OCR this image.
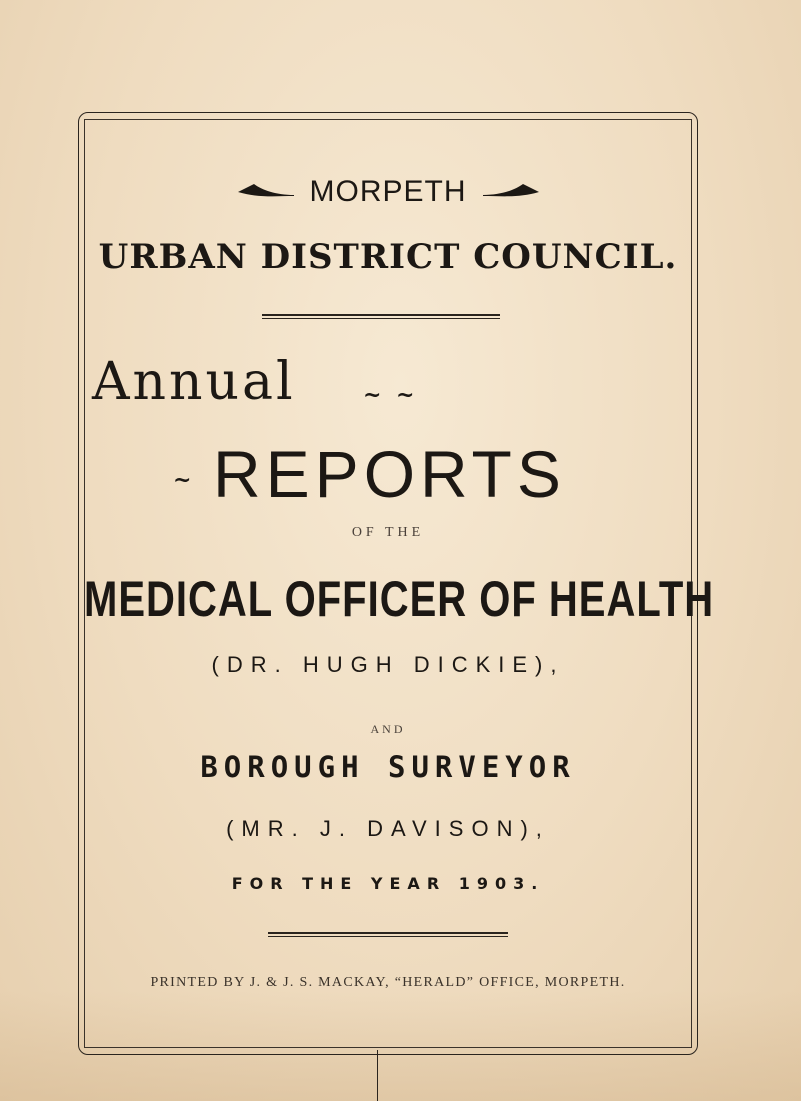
MORPETH
URBAN DISTRICT COUNCIL.
Annual	~ ~
~ REPORTS
OF THE
MEDICAL OFFICER OF HEALTH
(DR. HUGH DICKIE),
AND
BOROUGH SURVEYOR
(MR. J. DAVISON),
FOR THE YEAR 1903.
PRINTED BY J. & J. S. MACKAY, “HERALD” OFFICE, MORPETH.
